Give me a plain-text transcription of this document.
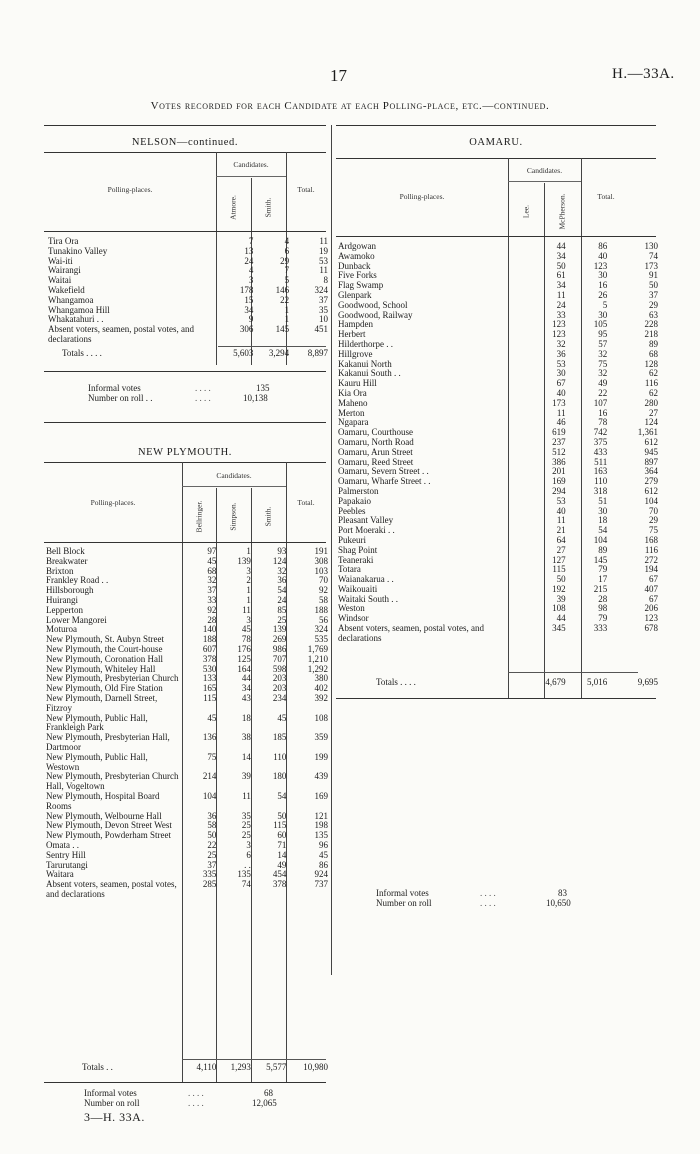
17	H.—33A.
Votes recorded for each Candidate at each Polling-place, etc.—continued.
NELSON—continued.
Candidates.
Polling-places.
Atmore.	Smith.
Total.
Tira Ora	7	4	11
Tunakino Valley	13	6	19
Wai-iti	24	29	53
Wairangi	4	7	11
Waitai	3	5	8
Wakefield	178	146	324
Whangamoa	15	22	37
Whangamoa Hill	34	1	35
Whakatahuri . .	9	1	10
Absent voters, seamen, postal votes, and declarations	306	145	451
Totals . . . .	5,603	3,294	8,897
Informal votes	. . . .	135
Number on roll . .	. . . .	10,138
NEW PLYMOUTH.
Candidates.
Polling-places.	Bellringer.	Simpson.	Smith.
Total.
Bell Block	97	1	93	191
Breakwater	45	139	124	308
Brixton	68	3	32	103
Frankley Road . .	32	2	36	70
Hillsborough	37	1	54	92
Huirangi	33	1	24	58
Lepperton	92	11	85	188
Lower Mangorei	28	3	25	56
Moturoa	140	45	139	324
New Plymouth, St. Aubyn Street	188	78	269	535
New Plymouth, the Court-house	607	176	986	1,769
New Plymouth, Coronation Hall	378	125	707	1,210
New Plymouth, Whiteley Hall	530	164	598	1,292
New Plymouth, Presbyterian Church	133	44	203	380
New Plymouth, Old Fire Station	165	34	203	402
New Plymouth, Darnell Street, Fitzroy	115	43	234	392
New Plymouth, Public Hall, Frankleigh Park	45	18	45	108
New Plymouth, Presbyterian Hall, Dartmoor	136	38	185	359
New Plymouth, Public Hall, Westown	75	14	110	199
New Plymouth, Presbyterian Church Hall, Vogeltown	214	39	180	439
New Plymouth, Hospital Board Rooms	104	11	54	169
New Plymouth, Welbourne Hall	36	35	50	121
New Plymouth, Devon Street West	58	25	115	198
New Plymouth, Powderham Street	50	25	60	135
Omata . .	22	3	71	96
Sentry Hill	25	6	14	45
Tarurutangi	37	. .	49	86
Waitara	335	135	454	924
Absent voters, seamen, postal votes, and declarations	285	74	378	737
Totals . .	4,110	1,293	5,577	10,980
Informal votes	. . . .	68
Number on roll	. . . .	12,065
OAMARU.
Candidates.
Polling-places.
Lee.	McPherson.	Total.
Ardgowan	44	86	130
Awamoko	34	40	74
Dunback	50	123	173
Five Forks	61	30	91
Flag Swamp	34	16	50
Glenpark	11	26	37
Goodwood, School	24	5	29
Goodwood, Railway	33	30	63
Hampden	123	105	228
Herbert	123	95	218
Hilderthorpe . .	32	57	89
Hillgrove	36	32	68
Kakanui North	53	75	128
Kakanui South . .	30	32	62
Kauru Hill	67	49	116
Kia Ora	40	22	62
Maheno	173	107	280
Merton	11	16	27
Ngapara	46	78	124
Oamaru, Courthouse	619	742	1,361
Oamaru, North Road	237	375	612
Oamaru, Arun Street	512	433	945
Oamaru, Reed Street	386	511	897
Oamaru, Severn Street . .	201	163	364
Oamaru, Wharfe Street . .	169	110	279
Palmerston	294	318	612
Papakaio	53	51	104
Peebles	40	30	70
Pleasant Valley	11	18	29
Port Moeraki . .	21	54	75
Pukeuri	64	104	168
Shag Point	27	89	116
Teaneraki	127	145	272
Totara	115	79	194
Waianakarua . .	50	17	67
Waikouaiti	192	215	407
Waitaki South . .	39	28	67
Weston	108	98	206
Windsor	44	79	123
Absent voters, seamen, postal votes, and declarations	345	333	678
Totals . . . .	4,679	5,016	9,695
Informal votes	. . . .	83
Number on roll	. . . .	10,650
3—H. 33A.
